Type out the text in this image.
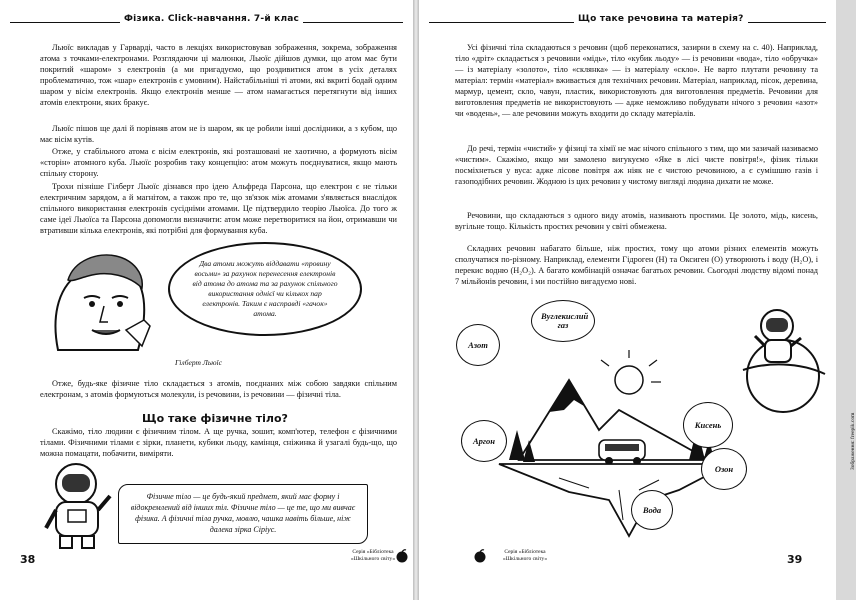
Фізика. Click-навчання. 7-й клас

Льюїс викладав у Гарварді, часто в лекціях використовував зображення, зокрема, зображення атома з точками-електронами. Розглядаючи ці малюнки, Льюїс дійшов думки, що атом має бути покритий «шаром» з електронів (а ми пригадуємо, що роздивитися атом в усіх деталях проблематично, тож «шар» електронів є умовним). Найстабільніші ті атоми, які вкриті бодай одним шаром у вісім електронів. Якщо електронів менше — атом намагається перетягнути від інших атомів електрони, яких бракує.

Льюїс пішов ще далі й порівняв атом не із шаром, як це робили інші дослідники, а з кубом, що має вісім кутів.

Отже, у стабільного атома є вісім електронів, які розташовані не хаотично, а формують вісім «сторін» атомного куба. Льюїс розробив таку концепцію: атом можуть поєднуватися, якщо мають спільну сторону.

Трохи пізніше Гілберт Льюїс дізнався про ідею Альфреда Парсона, що електрон є не тільки електричним зарядом, а й магнітом, а також про те, що зв'язок між атомами з'являється внаслідок спільного використання електронів сусідніми атомами. Це підтвердило теорію Льюїса. До того ж саме ідеї Льюїса та Парсона допомогли визначити: атом може перетворитися на йон, отримавши чи втративши кілька електронів, які потрібні для формування куба.

Два атоми можуть віддавати «провину восьми» за рахунок перенесення електронів від атома до атома та за рахунок спільного використання однієї чи кількох пар електронів. Таким є насправді «гачок» атома.
Гілберт Льюїс

Отже, будь-яке фізичне тіло складається з атомів, поєднаних між собою завдяки спільним електронам, з атомів формуються молекули, із речовини, із речовини — фізичні тіла.

Що таке фізичне тіло?

Скажімо, тіло людини є фізичним тілом. А ще ручка, зошит, комп'ютер, телефон є фізичними тілами. Фізичними тілами є зірки, планети, кубики льоду, камінця, сніжинка й узагалі будь-що, що можна помацати, побачити, виміряти.

Фізичне тіло — це будь-який предмет, який має форму і відокремлений від інших тіл. Фізичне тіло — це те, що ми вивчає фізика. А фізичні тіла ручка, мовлю, чашка навіть більше, ніж далека зірка Сіріус.
38
Серія «Бібліотека
«Шкільного світу»
Що таке речовина та матерія?

Усі фізичні тіла складаються з речовин (щоб переконатися, зазирни в схему на с. 40). Наприклад, тіло «дріт» складається з речовини «мідь», тіло «кубик льоду» — із речовини «вода», тіло «обручка» — із матеріалу «золото», тіло «склянка» — із матеріалу «скло». Не варто плутати речовину та матеріал: термін «матеріал» вживається для технічних речовин. Матеріал, наприклад, пісок, деревина, мармур, цемент, скло, чавун, пластик, використовують для виготовлення предметів. Речовини для виготовлення предметів не використовують — адже неможливо побудувати нічого з речовин «азот» чи «водень», — але речовини можуть входити до складу матеріалів.

До речі, термін «чистий» у фізиці та хімії не має нічого спільного з тим, що ми зазичай називаємо «чистим». Скажімо, якщо ми замолено вигукуємо «Яке в лісі чисте повітря!», фізик тільки посміхнеться у вуса: адже лісове повітря аж ніяк не є чистою речовиною, а є сумішшю газів і газоподібних речовин. Жодною із цих речовин у чистому вигляді людина дихати не може.

Речовини, що складаються з одного виду атомів, називають простими. Це золото, мідь, кисень, вугільне тощо. Кількість простих речовин у світі обмежена.

Складних речовин набагато більше, ніж простих, тому що атоми різних елементів можуть сполучатися по-різному. Наприклад, елементи Гідроген (Н) та Оксиген (О) утворюють і воду (H₂O), і перекис водню (H₂O₂). А багато комбінацій означає багатьох речовин. Сьогодні людству відомі понад 7 мільйонів речовин, і ми постійно вигадуємо нові.

Вуглекислий газ
Азот
Аргон
Кисень
Озон
Вода
Зображення: freepik.com
Серія «Бібліотека
«Шкільного світу»	39
